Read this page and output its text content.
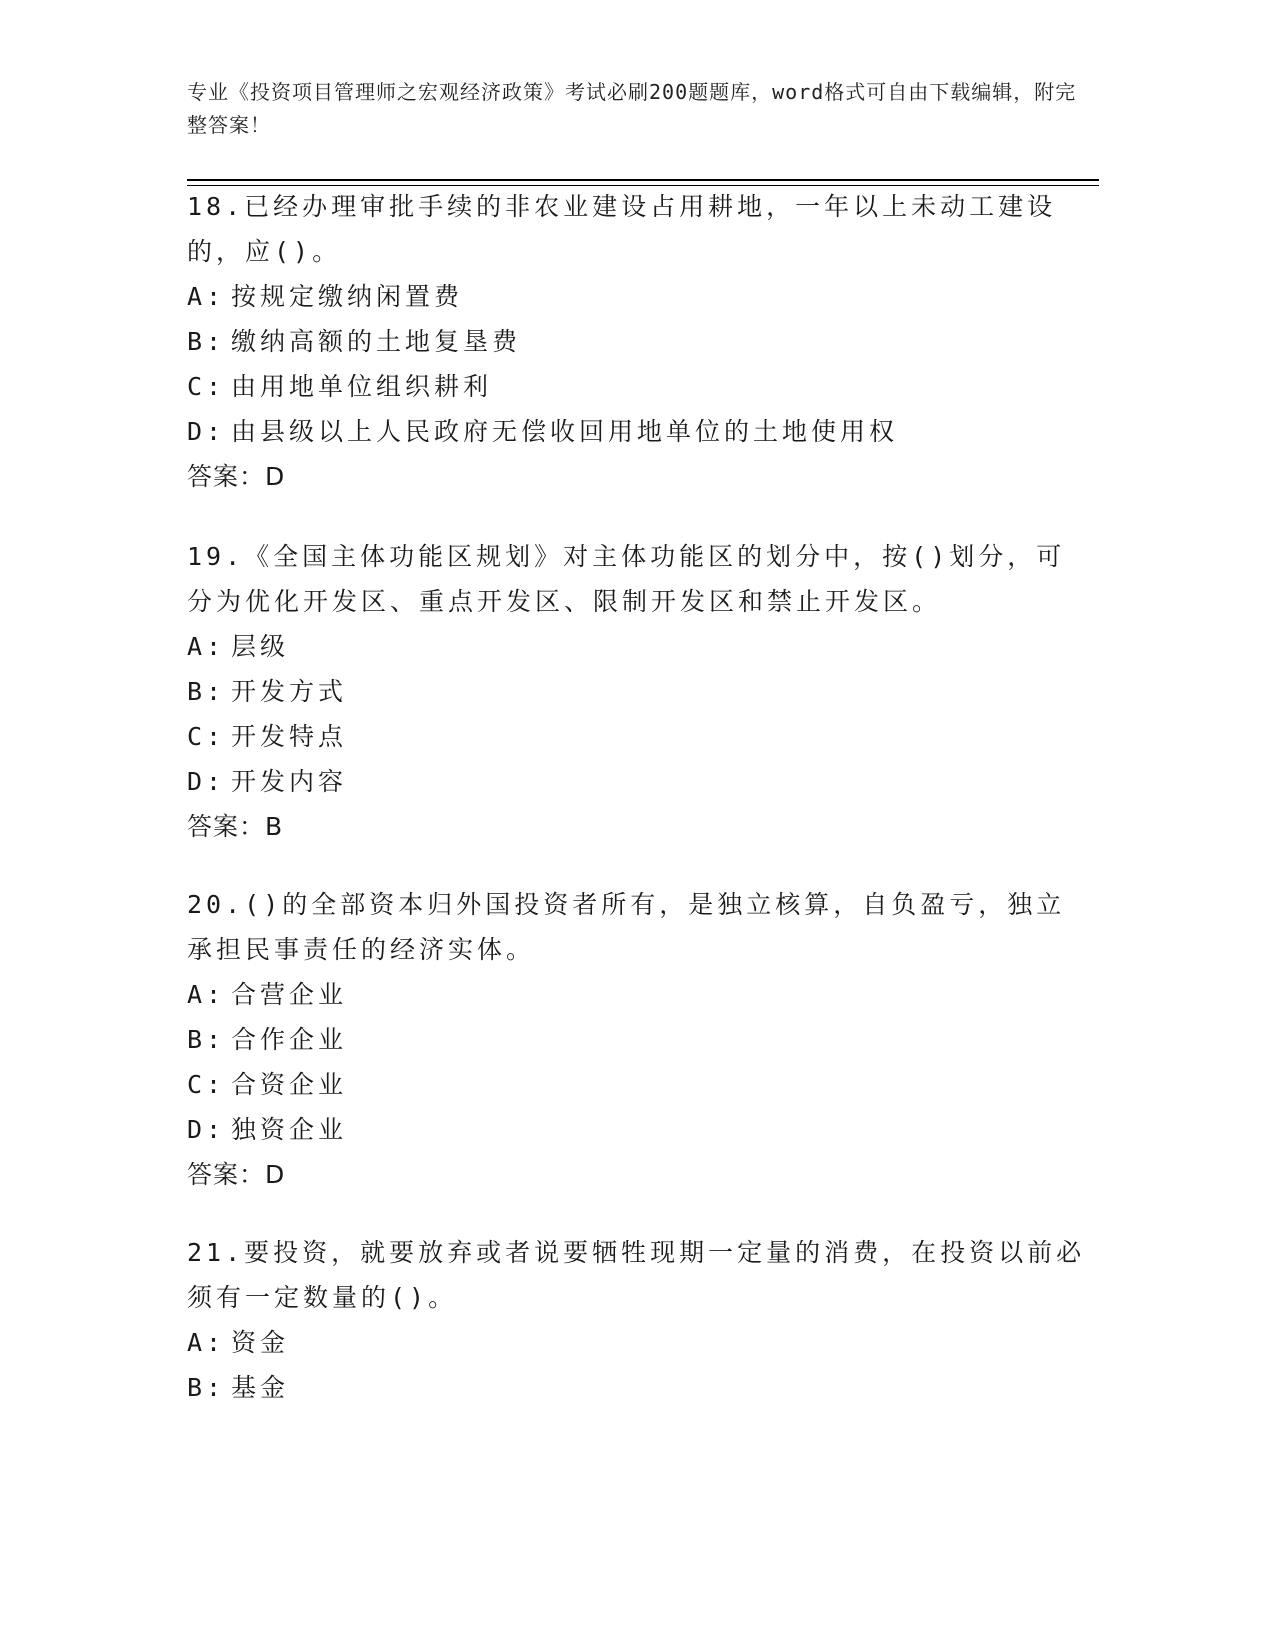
专业《投资项目管理师之宏观经济政策》考试必刷200题题库，word格式可自由下载编辑，附完整答案！

18.已经办理审批手续的非农业建设占用耕地，一年以上未动工建设的，应()。

A: 按规定缴纳闲置费

B: 缴纳高额的土地复垦费

C: 由用地单位组织耕利

D: 由县级以上人民政府无偿收回用地单位的土地使用权

答案：D

19.《全国主体功能区规划》对主体功能区的划分中，按()划分，可分为优化开发区、重点开发区、限制开发区和禁止开发区。

A: 层级

B: 开发方式

C: 开发特点

D: 开发内容

答案：B

20.()的全部资本归外国投资者所有，是独立核算，自负盈亏，独立承担民事责任的经济实体。

A: 合营企业

B: 合作企业

C: 合资企业

D: 独资企业

答案：D

21.要投资，就要放弃或者说要牺牲现期一定量的消费，在投资以前必须有一定数量的()。

A: 资金

B: 基金
